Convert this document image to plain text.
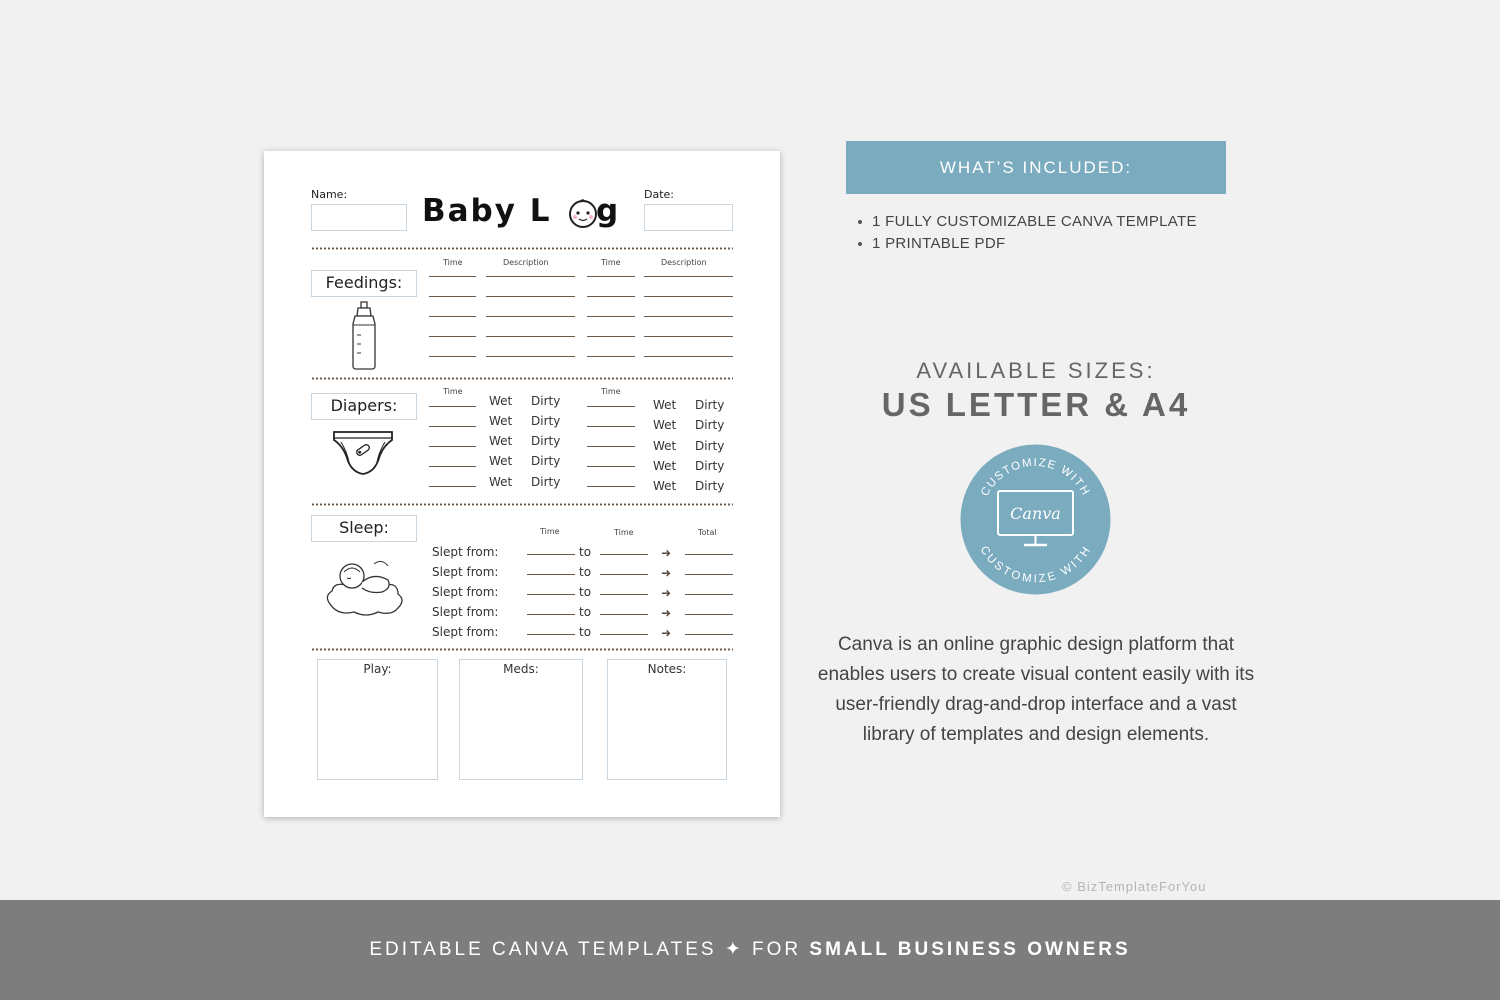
Name:	Date:
Baby L g
Feedings:
Time	Description	Time	Description
Diapers:
Time	Time
Wet Dirty	Wet Dirty
Wet Dirty	Wet Dirty
Wet Dirty	Wet Dirty
Wet Dirty	Wet Dirty
Wet Dirty	Wet Dirty
Sleep:	Time	Time	Total
Slept from:	to	➜
Slept from:	to	➜
Slept from:	to	➜
Slept from:	to	➜
Slept from:	to	➜
Play:	Meds:	Notes:
WHAT’S INCLUDED:
1 FULLY CUSTOMIZABLE CANVA TEMPLATE
1 PRINTABLE PDF
AVAILABLE SIZES:
US LETTER & A4
CUSTOMIZE WITH
CUSTOMIZE WITH
Canva
Canva is an online graphic design platform that enables users to create visual content easily with its user-friendly drag-and-drop interface and a vast library of templates and design elements.
© BizTemplateForYou
EDITABLE CANVA TEMPLATES ✦ FOR SMALL BUSINESS OWNERS
